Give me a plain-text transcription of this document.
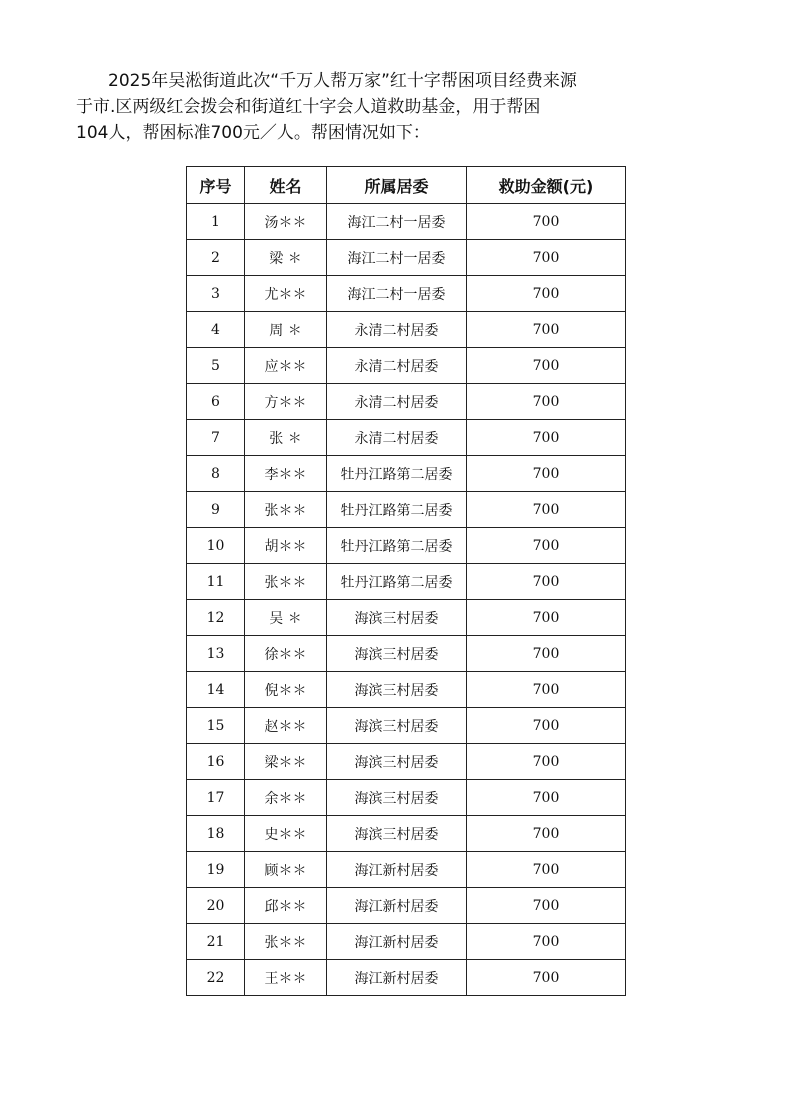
2025年吴淞街道此次“千万人帮万家”红十字帮困项目经费来源
于市.区两级红会拨会和街道红十字会人道救助基金，用于帮困
104人，帮困标准700元／人。帮困情况如下：

序号	姓名	所属居委	救助金额(元)
1	汤＊＊	海江二村一居委	700
2	梁 ＊	海江二村一居委	700
3	尤＊＊	海江二村一居委	700
4	周 ＊	永清二村居委	700
5	应＊＊	永清二村居委	700
6	方＊＊	永清二村居委	700
7	张 ＊	永清二村居委	700
8	李＊＊	牡丹江路第二居委	700
9	张＊＊	牡丹江路第二居委	700
10	胡＊＊	牡丹江路第二居委	700
11	张＊＊	牡丹江路第二居委	700
12	吴 ＊	海滨三村居委	700
13	徐＊＊	海滨三村居委	700
14	倪＊＊	海滨三村居委	700
15	赵＊＊	海滨三村居委	700
16	梁＊＊	海滨三村居委	700
17	余＊＊	海滨三村居委	700
18	史＊＊	海滨三村居委	700
19	顾＊＊	海江新村居委	700
20	邱＊＊	海江新村居委	700
21	张＊＊	海江新村居委	700
22	王＊＊	海江新村居委	700
